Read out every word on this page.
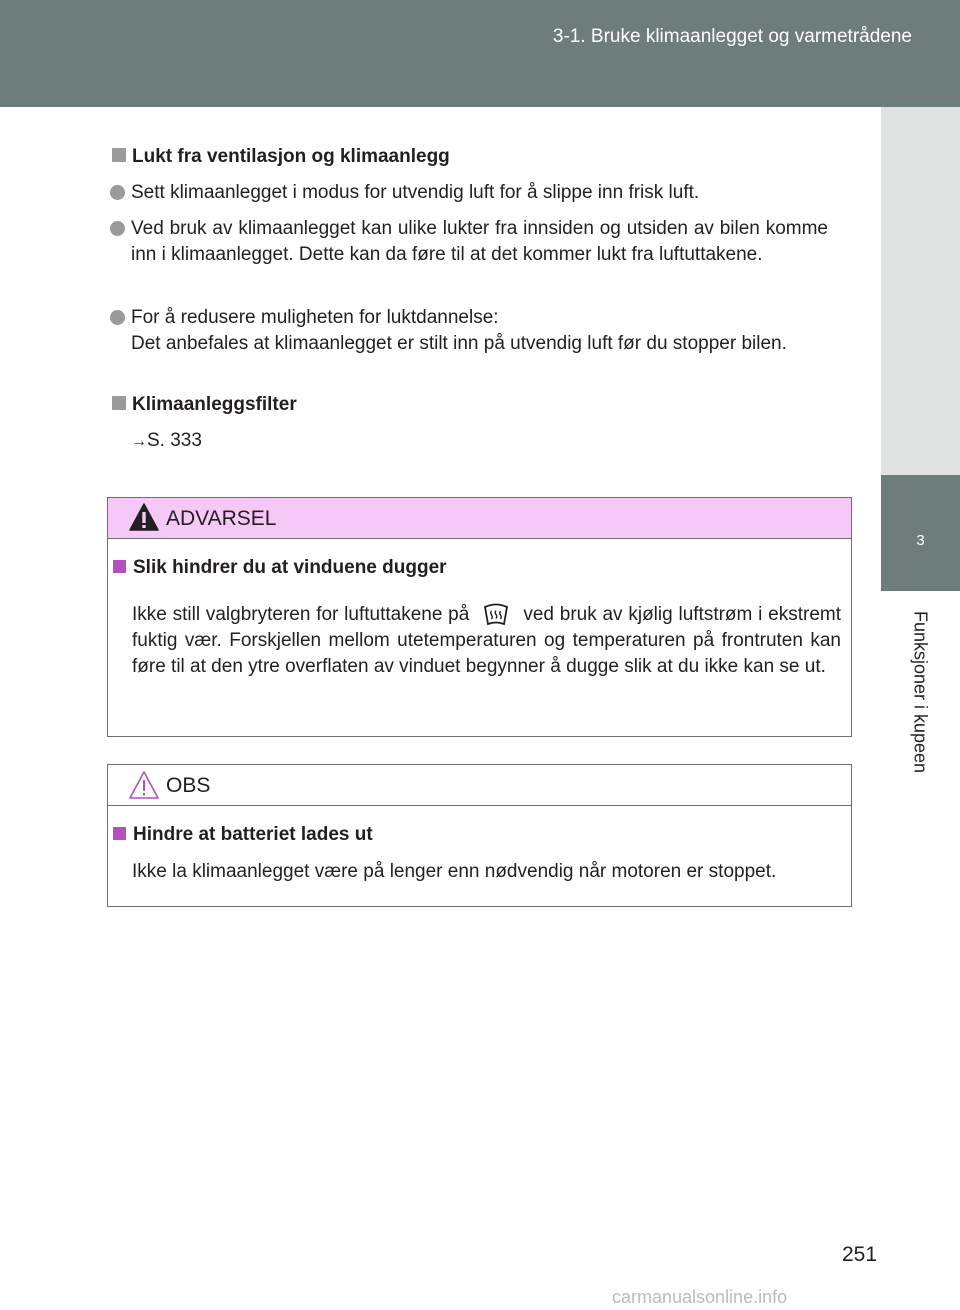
3-1. Bruke klimaanlegget og varmetrådene
3
Funksjoner i kupeen
Lukt fra ventilasjon og klimaanlegg
Sett klimaanlegget i modus for utvendig luft for å slippe inn frisk luft.
Ved bruk av klimaanlegget kan ulike lukter fra innsiden og utsiden av bilen komme inn i klimaanlegget. Dette kan da føre til at det kommer lukt fra luftuttakene.
For å redusere muligheten for luktdannelse:
Det anbefales at klimaanlegget er stilt inn på utvendig luft før du stopper bilen.
Klimaanleggsfilter
→S. 333
ADVARSEL
Slik hindrer du at vinduene dugger
Ikke still valgbryteren for luftuttakene på	ved bruk av kjølig luftstrøm i ekstremt fuktig vær. Forskjellen mellom utetemperaturen og temperaturen på frontruten kan føre til at den ytre overflaten av vinduet begynner å dugge slik at du ikke kan se ut.
OBS
Hindre at batteriet lades ut
Ikke la klimaanlegget være på lenger enn nødvendig når motoren er stoppet.
251
carmanualsonline.info
